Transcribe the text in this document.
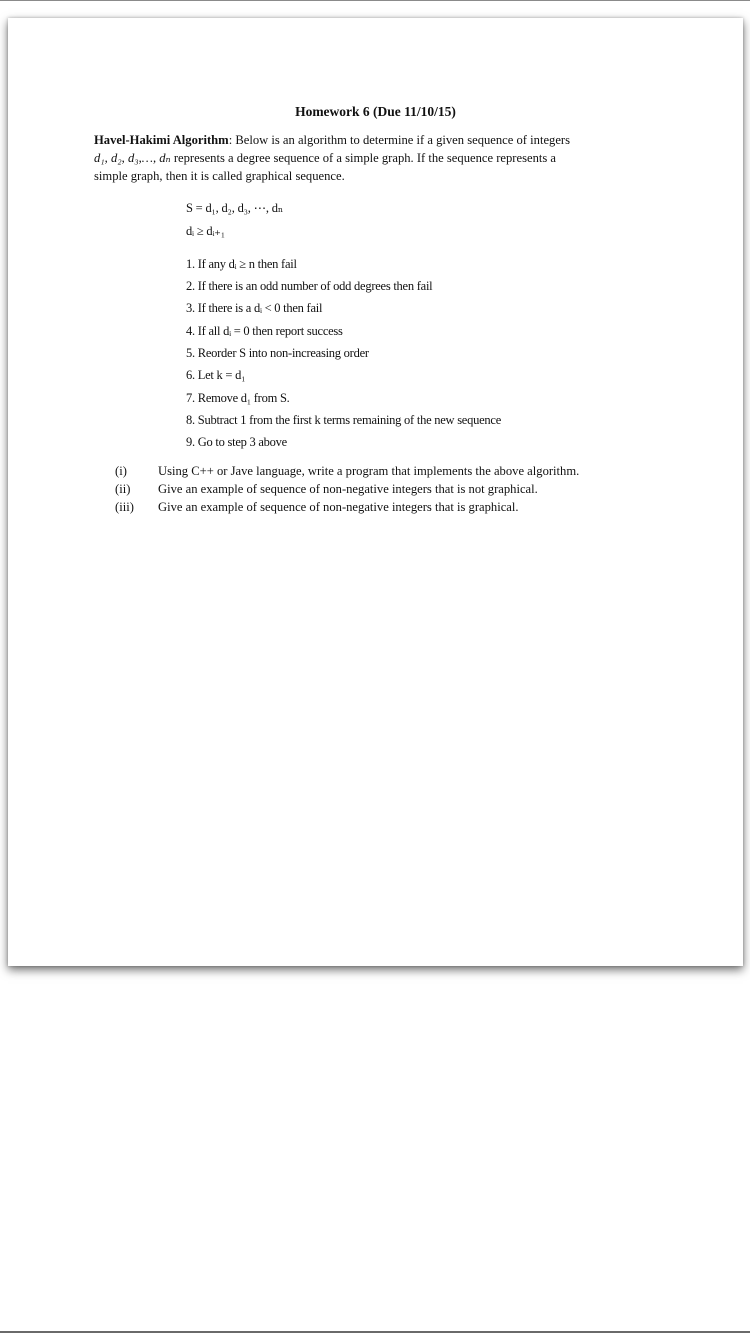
Homework 6 (Due 11/10/15)
Havel-Hakimi Algorithm: Below is an algorithm to determine if a given sequence of integers
d₁, d₂, d₃,…, dₙ represents a degree sequence of a simple graph. If the sequence represents a
simple graph, then it is called graphical sequence.
S = d₁, d₂, d₃, ⋯, dₙ
dᵢ ≥ dᵢ₊₁
1. If any dᵢ ≥ n then fail
2. If there is an odd number of odd degrees then fail
3. If there is a dᵢ < 0 then fail
4. If all dᵢ = 0 then report success
5. Reorder S into non-increasing order
6. Let k = d₁
7. Remove d₁ from S.
8. Subtract 1 from the first k terms remaining of the new sequence
9. Go to step 3 above
(i) Using C++ or Jave language, write a program that implements the above algorithm.
(ii) Give an example of sequence of non-negative integers that is not graphical.
(iii) Give an example of sequence of non-negative integers that is graphical.
